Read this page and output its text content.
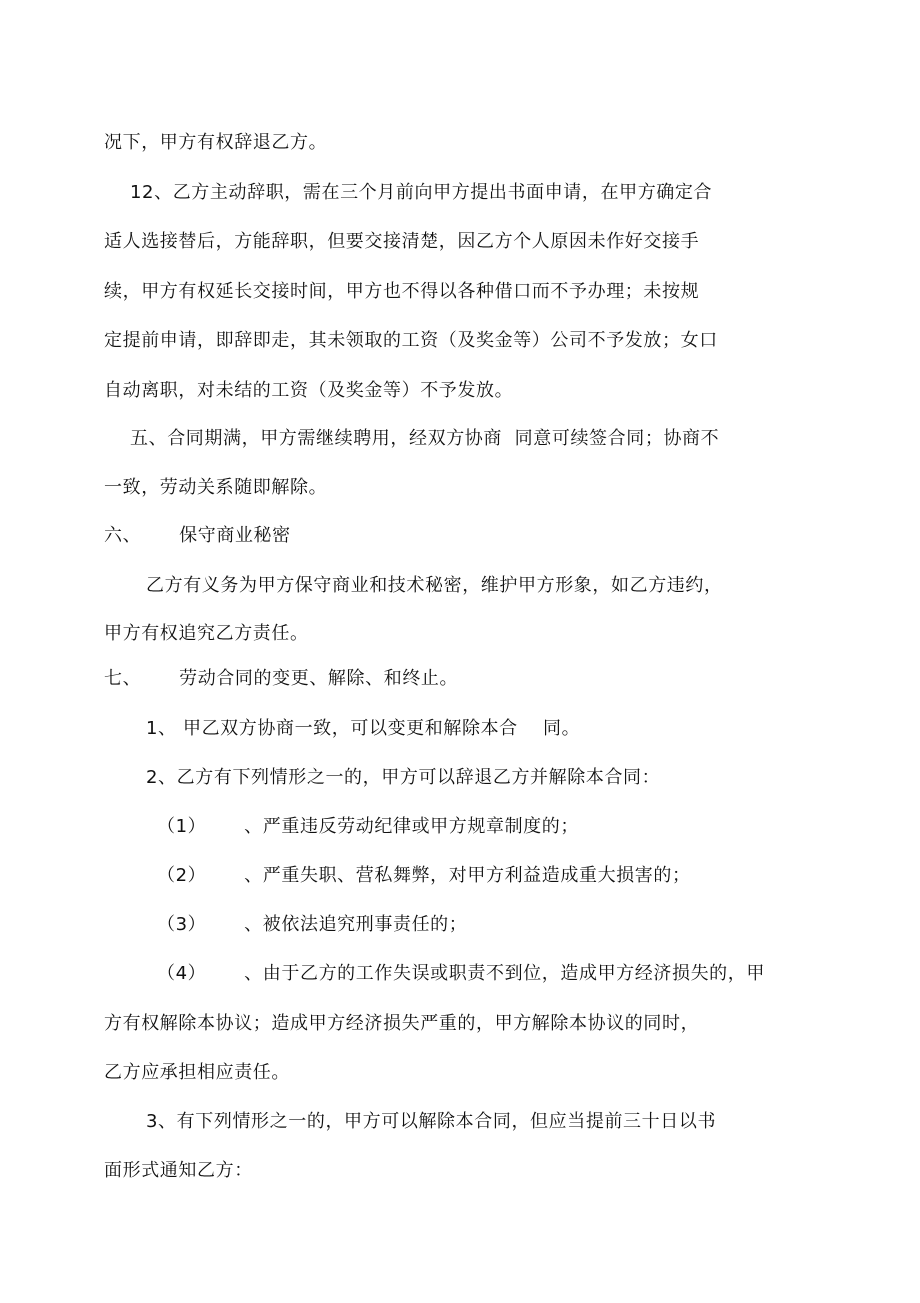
况下，甲方有权辞退乙方。
12、乙方主动辞职，需在三个月前向甲方提出书面申请，在甲方确定合
适人选接替后，方能辞职，但要交接清楚，因乙方个人原因未作好交接手
续，甲方有权延长交接时间，甲方也不得以各种借口而不予办理；未按规
定提前申请，即辞即走，其未领取的工资（及奖金等）公司不予发放；女口
自动离职，对未结的工资（及奖金等）不予发放。
五、合同期满，甲方需继续聘用，经双方协商  同意可续签合同；协商不
一致，劳动关系随即解除。
六、      保守商业秘密
乙方有义务为甲方保守商业和技术秘密，维护甲方形象，如乙方违约，
甲方有权追究乙方责任。
七、      劳动合同的变更、解除、和终止。
1、 甲乙双方协商一致，可以变更和解除本合    同。
2、乙方有下列情形之一的，甲方可以辞退乙方并解除本合同：
（1）      、严重违反劳动纪律或甲方规章制度的；
（2）      、严重失职、营私舞弊，对甲方利益造成重大损害的；
（3）      、被依法追究刑事责任的；
（4）      、由于乙方的工作失误或职责不到位，造成甲方经济损失的，甲
方有权解除本协议；造成甲方经济损失严重的，甲方解除本协议的同时，
乙方应承担相应责任。
3、有下列情形之一的，甲方可以解除本合同，但应当提前三十日以书
面形式通知乙方：
